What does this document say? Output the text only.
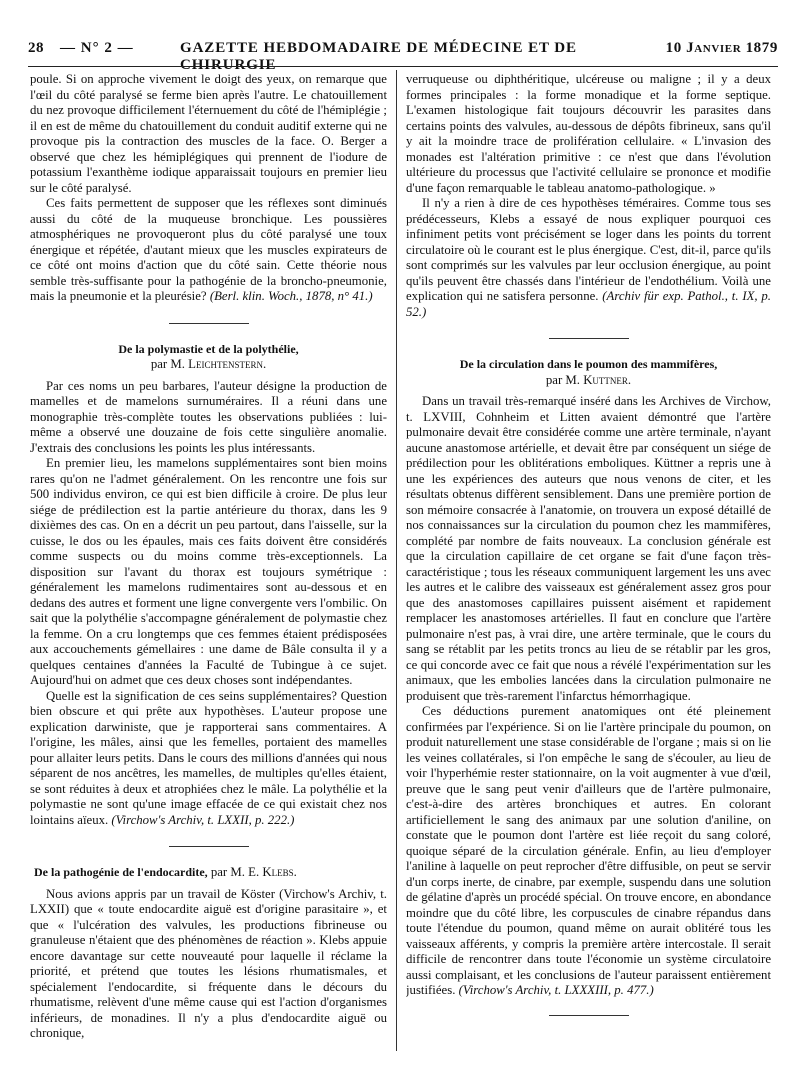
28	— N° 2 —	GAZETTE HEBDOMADAIRE DE MÉDECINE ET DE CHIRURGIE
10 Janvier 1879

poule. Si on approche vivement le doigt des yeux, on remarque que l'œil du côté paralysé se ferme bien après l'autre. Le chatouillement du nez provoque difficilement l'éternuement du côté de l'hémiplégie ; il en est de même du chatouillement du conduit auditif externe qui ne provoque pis la contraction des muscles de la face. O. Berger a observé que chez les hémiplégiques qui prennent de l'iodure de potassium l'exanthème iodique apparaissait toujours en premier lieu sur le côté paralysé.

Ces faits permettent de supposer que les réflexes sont diminués aussi du côté de la muqueuse bronchique. Les poussières atmosphériques ne provoqueront plus du côté paralysé une toux énergique et répétée, d'autant mieux que les muscles expirateurs de ce côté ont moins d'action que du côté sain. Cette théorie nous semble très-suffisante pour la pathogénie de la broncho-pneumonie, mais la pneumonie et la pleurésie? (Berl. klin. Woch., 1878, n° 41.)

De la polymastie et de la polythélie,
par M. Leichtenstern.

Par ces noms un peu barbares, l'auteur désigne la production de mamelles et de mamelons surnuméraires. Il a réuni dans une monographie très-complète toutes les observations publiées : lui-même a observé une douzaine de fois cette singulière anomalie. J'extrais des conclusions les points les plus intéressants.

En premier lieu, les mamelons supplémentaires sont bien moins rares qu'on ne l'admet généralement. On les rencontre une fois sur 500 individus environ, ce qui est bien difficile à croire. De plus leur siége de prédilection est la partie antérieure du thorax, dans les 9 dixièmes des cas. On en a décrit un peu partout, dans l'aisselle, sur la cuisse, le dos ou les épaules, mais ces faits doivent être considérés comme suspects ou du moins comme très-exceptionnels. La disposition sur l'avant du thorax est toujours symétrique : généralement les mamelons rudimentaires sont au-dessous et en dedans des autres et forment une ligne convergente vers l'ombilic. On sait que la polythélie s'accompagne généralement de polymastie chez la femme. On a cru longtemps que ces femmes étaient prédisposées aux accouchements gémellaires : une dame de Bâle consulta il y a quelques centaines d'années la Faculté de Tubingue à ce sujet. Aujourd'hui on admet que ces deux choses sont indépendantes.

Quelle est la signification de ces seins supplémentaires? Question bien obscure et qui prête aux hypothèses. L'auteur propose une explication darwiniste, que je rapporterai sans commentaires. A l'origine, les mâles, ainsi que les femelles, portaient des mamelles pour allaiter leurs petits. Dans le cours des millions d'années qui nous séparent de nos ancêtres, les mamelles, de multiples qu'elles étaient, se sont réduites à deux et atrophiées chez le mâle. La polythélie et la polymastie ne sont qu'une image effacée de ce qui existait chez nos lointains aïeux. (Virchow's Archiv, t. LXXII, p. 222.)

De la pathogénie de l'endocardite, par M. E. Klebs.

Nous avions appris par un travail de Köster (Virchow's Archiv, t. LXXII) que « toute endocardite aiguë est d'origine parasitaire », et que « l'ulcération des valvules, les productions fibrineuse ou granuleuse n'étaient que des phénomènes de réaction ». Klebs appuie encore davantage sur cette nouveauté pour laquelle il réclame la priorité, et prétend que toutes les lésions rhumatismales, et spécialement l'endocardite, si fréquente dans le décours du rhumatisme, relèvent d'une même cause qui est l'action d'organismes inférieurs, de monadines. Il n'y a plus d'endocardite aiguë ou chronique,

verruqueuse ou diphthéritique, ulcéreuse ou maligne ; il y a deux formes principales : la forme monadique et la forme septique. L'examen histologique fait toujours découvrir les parasites dans certains points des valvules, au-dessous de dépôts fibrineux, sans qu'il y ait la moindre trace de prolifération cellulaire. « L'invasion des monades est l'altération primitive : ce n'est que dans l'évolution ultérieure du processus que l'activité cellulaire se prononce et modifie d'une façon remarquable le tableau anatomo-pathologique. »

Il n'y a rien à dire de ces hypothèses téméraires. Comme tous ses prédécesseurs, Klebs a essayé de nous expliquer pourquoi ces infiniment petits vont précisément se loger dans les points du torrent circulatoire où le courant est le plus énergique. C'est, dit-il, parce qu'ils sont comprimés sur les valvules par leur occlusion énergique, au point qu'ils peuvent être chassés dans l'intérieur de l'endothélium. Voilà une explication qui ne satisfera personne. (Archiv für exp. Pathol., t. IX, p. 52.)

De la circulation dans le poumon des mammifères,
par M. Kuttner.

Dans un travail très-remarqué inséré dans les Archives de Virchow, t. LXVIII, Cohnheim et Litten avaient démontré que l'artère pulmonaire devait être considérée comme une artère terminale, n'ayant aucune anastomose artérielle, et devait être par conséquent un siége de prédilection pour les oblitérations emboliques. Küttner a repris une à une les expériences des auteurs que nous venons de citer, et les résultats obtenus diffèrent sensiblement. Dans une première portion de son mémoire consacrée à l'anatomie, on trouvera un exposé détaillé de nos connaissances sur la circulation du poumon chez les mammifères, complété par nombre de faits nouveaux. La conclusion générale est que la circulation capillaire de cet organe se fait d'une façon très-caractéristique ; tous les réseaux communiquent largement les uns avec les autres et le calibre des vaisseaux est généralement assez gros pour que des anastomoses capillaires puissent aisément et rapidement remplacer les anastomoses artérielles. Il faut en conclure que l'artère pulmonaire n'est pas, à vrai dire, une artère terminale, que le cours du sang se rétablit par les petits troncs au lieu de se rétablir par les gros, ce qui concorde avec ce fait que nous a révélé l'expérimentation sur les animaux, que les embolies lancées dans la circulation pulmonaire ne produisent que très-rarement l'infarctus hémorrhagique.

Ces déductions purement anatomiques ont été pleinement confirmées par l'expérience. Si on lie l'artère principale du poumon, on produit naturellement une stase considérable de l'organe ; mais si on lie les veines collatérales, si l'on empêche le sang de s'écouler, au lieu de voir l'hyperhémie rester stationnaire, on la voit augmenter à vue d'œil, preuve que le sang peut venir d'ailleurs que de l'artère pulmonaire, c'est-à-dire des artères bronchiques et autres. En colorant artificiellement le sang des animaux par une solution d'aniline, on constate que le poumon dont l'artère est liée reçoit du sang coloré, quoique séparé de la circulation générale. Enfin, au lieu d'employer l'aniline à laquelle on peut reprocher d'être diffusible, on peut se servir d'un corps inerte, de cinabre, par exemple, suspendu dans une solution de gélatine d'après un procédé spécial. On trouve encore, en abondance moindre que du côté libre, les corpuscules de cinabre répandus dans toute l'étendue du poumon, quand même on aurait oblitéré tous les vaisseaux afférents, y compris la première artère intercostale. Il serait difficile de rencontrer dans toute l'économie un système circulatoire aussi complaisant, et les conclusions de l'auteur paraissent entièrement justifiées. (Virchow's Archiv, t. LXXXIII, p. 477.)
